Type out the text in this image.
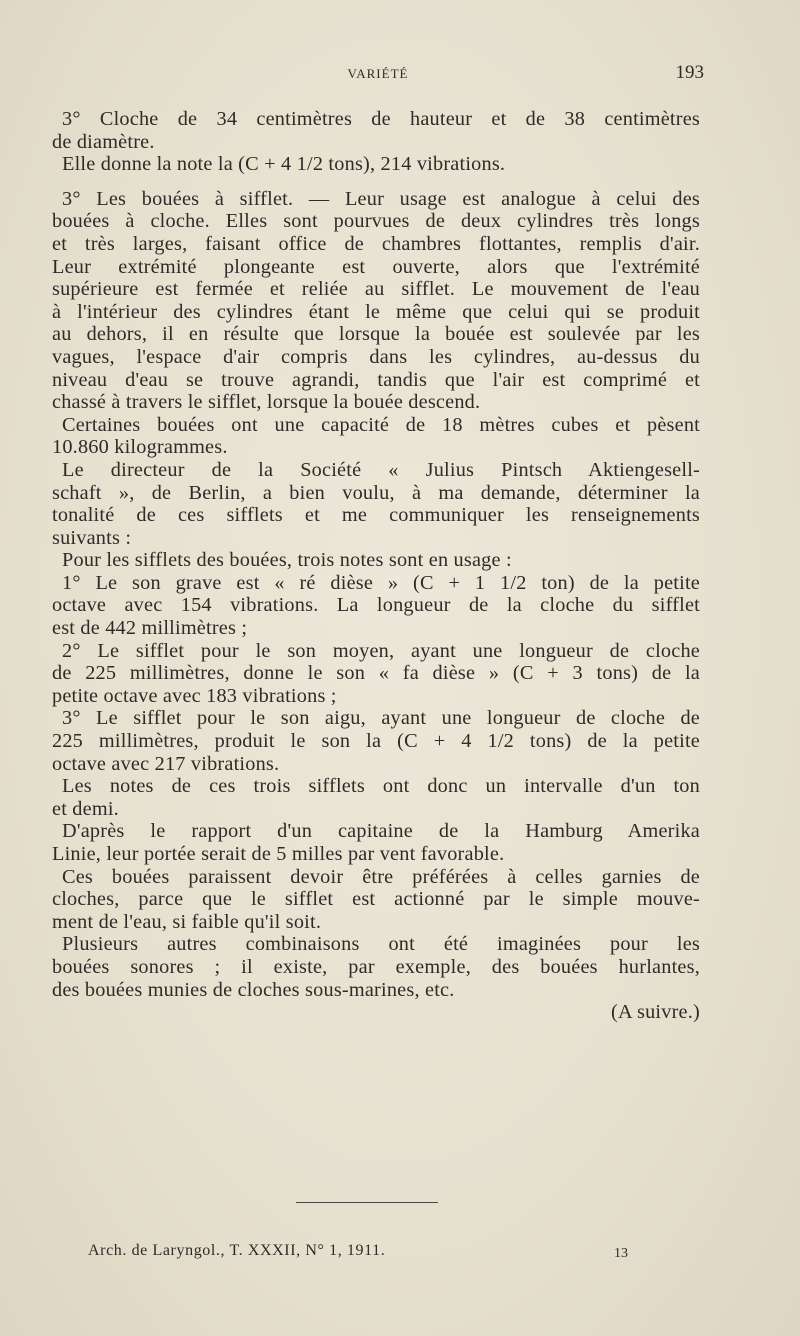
VARIÉTÉ	193
3° Cloche de 34 centimètres de hauteur et de 38 centimètres
de diamètre.
Elle donne la note la (C + 4 1/2 tons), 214 vibrations.
3° Les bouées à sifflet. — Leur usage est analogue à celui des
bouées à cloche. Elles sont pourvues de deux cylindres très longs
et très larges, faisant office de chambres flottantes, remplis d'air.
Leur extrémité plongeante est ouverte, alors que l'extrémité
supérieure est fermée et reliée au sifflet. Le mouvement de l'eau
à l'intérieur des cylindres étant le même que celui qui se produit
au dehors, il en résulte que lorsque la bouée est soulevée par les
vagues, l'espace d'air compris dans les cylindres, au-dessus du
niveau d'eau se trouve agrandi, tandis que l'air est comprimé et
chassé à travers le sifflet, lorsque la bouée descend.
Certaines bouées ont une capacité de 18 mètres cubes et pèsent
10.860 kilogrammes.
Le directeur de la Société « Julius Pintsch Aktiengesell-
schaft », de Berlin, a bien voulu, à ma demande, déterminer la
tonalité de ces sifflets et me communiquer les renseignements
suivants :
Pour les sifflets des bouées, trois notes sont en usage :
1° Le son grave est « ré dièse » (C + 1 1/2 ton) de la petite
octave avec 154 vibrations. La longueur de la cloche du sifflet
est de 442 millimètres ;
2° Le sifflet pour le son moyen, ayant une longueur de cloche
de 225 millimètres, donne le son « fa dièse » (C + 3 tons) de la
petite octave avec 183 vibrations ;
3° Le sifflet pour le son aigu, ayant une longueur de cloche de
225 millimètres, produit le son la (C + 4 1/2 tons) de la petite
octave avec 217 vibrations.
Les notes de ces trois sifflets ont donc un intervalle d'un ton
et demi.
D'après le rapport d'un capitaine de la Hamburg Amerika
Linie, leur portée serait de 5 milles par vent favorable.
Ces bouées paraissent devoir être préférées à celles garnies de
cloches, parce que le sifflet est actionné par le simple mouve-
ment de l'eau, si faible qu'il soit.
Plusieurs autres combinaisons ont été imaginées pour les
bouées sonores ; il existe, par exemple, des bouées hurlantes,
des bouées munies de cloches sous-marines, etc.
(A suivre.)
Arch. de Laryngol., T. XXXII, N° 1, 1911.	13
